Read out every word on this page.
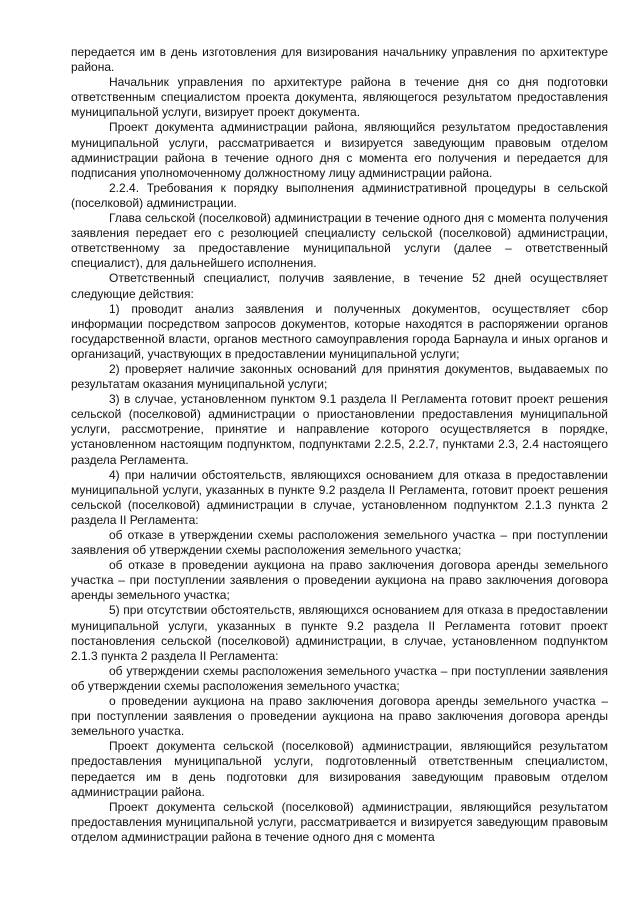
передается им в день изготовления для визирования начальнику управления по архитектуре района.

Начальник управления по архитектуре района в течение дня со дня подготовки ответственным специалистом проекта документа, являющегося результатом предоставления муниципальной услуги, визирует проект документа.

Проект документа администрации района, являющийся результатом предоставления муниципальной услуги, рассматривается и визируется заведующим правовым отделом администрации района в течение одного дня с момента его получения и передается для подписания уполномоченному должностному лицу администрации района.

2.2.4. Требования к порядку выполнения административной процедуры в сельской (поселковой) администрации.

Глава сельской (поселковой) администрации в течение одного дня с момента получения заявления передает его с резолюцией специалисту сельской (поселковой) администрации, ответственному за предоставление муниципальной услуги (далее – ответственный специалист), для дальнейшего исполнения.

Ответственный специалист, получив заявление, в течение 52 дней осуществляет следующие действия:

1) проводит анализ заявления и полученных документов, осуществляет сбор информации посредством запросов документов, которые находятся в распоряжении органов государственной власти, органов местного самоуправления города Барнаула и иных органов и организаций, участвующих в предоставлении муниципальной услуги;

2) проверяет наличие законных оснований для принятия документов, выдаваемых по результатам оказания муниципальной услуги;

3) в случае, установленном пунктом 9.1 раздела II Регламента готовит проект решения сельской (поселковой) администрации о приостановлении предоставления муниципальной услуги, рассмотрение, принятие и направление которого осуществляется в порядке, установленном настоящим подпунктом, подпунктами 2.2.5, 2.2.7, пунктами 2.3, 2.4 настоящего раздела Регламента.

4) при наличии обстоятельств, являющихся основанием для отказа в предоставлении муниципальной услуги, указанных в пункте 9.2 раздела II Регламента, готовит проект решения сельской (поселковой) администрации в случае, установленном подпунктом 2.1.3 пункта 2 раздела II Регламента:

об отказе в утверждении схемы расположения земельного участка – при поступлении заявления об утверждении схемы расположения земельного участка;

об отказе в проведении аукциона на право заключения договора аренды земельного участка – при поступлении заявления о проведении аукциона на право заключения договора аренды земельного участка;

5) при отсутствии обстоятельств, являющихся основанием для отказа в предоставлении муниципальной услуги, указанных в пункте 9.2 раздела II Регламента готовит проект постановления сельской (поселковой) администрации, в случае, установленном подпунктом 2.1.3 пункта 2 раздела II Регламента:

об утверждении схемы расположения земельного участка – при поступлении заявления об утверждении схемы расположения земельного участка;

о проведении аукциона на право заключения договора аренды земельного участка – при поступлении заявления о проведении аукциона на право заключения договора аренды земельного участка.

Проект документа сельской (поселковой) администрации, являющийся результатом предоставления муниципальной услуги, подготовленный ответственным специалистом, передается им в день подготовки для визирования заведующим правовым отделом администрации района.

Проект документа сельской (поселковой) администрации, являющийся результатом предоставления муниципальной услуги, рассматривается и визируется заведующим правовым отделом администрации района в течение одного дня с момента
